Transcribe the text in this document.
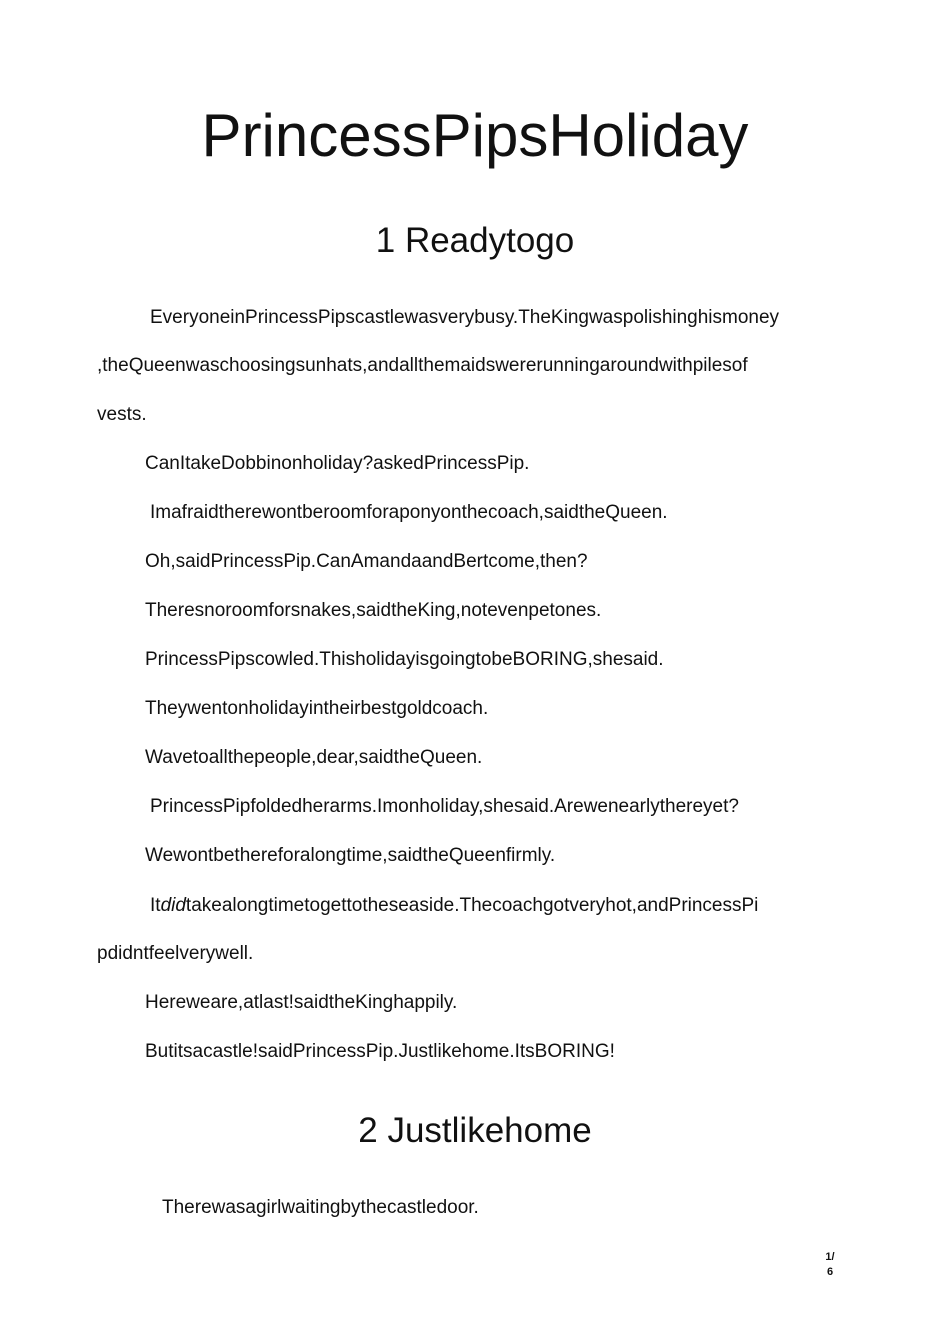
PrincessPipsHoliday
1 Readytogo

EveryoneinPrincessPipscastlewasverybusy.TheKingwaspolishinghismoney

,theQueenwaschoosingsunhats,andallthemaidswererunningaroundwithpilesof

vests.

CanItakeDobbinonholiday?askedPrincessPip.

Imafraidtherewontberoomforaponyonthecoach,saidtheQueen.

Oh,saidPrincessPip.CanAmandaandBertcome,then?

Theresnoroomforsnakes,saidtheKing,notevenpetones.

PrincessPipscowled.ThisholidayisgoingtobeBORING,shesaid.

Theywentonholidayintheirbestgoldcoach.

Wavetoallthepeople,dear,saidtheQueen.

PrincessPipfoldedherarms.Imonholiday,shesaid.Arewenearlythereyet?

Wewontbethereforalongtime,saidtheQueenfirmly.

Itdidtakealongtimetogettotheseaside.Thecoachgotveryhot,andPrincessPi

pdidntfeelverywell.

Hereweare,atlast!saidtheKinghappily.

Butitsacastle!saidPrincessPip.Justlikehome.ItsBORING!

2 Justlikehome

Therewasagirlwaitingbythecastledoor.

1/
6
